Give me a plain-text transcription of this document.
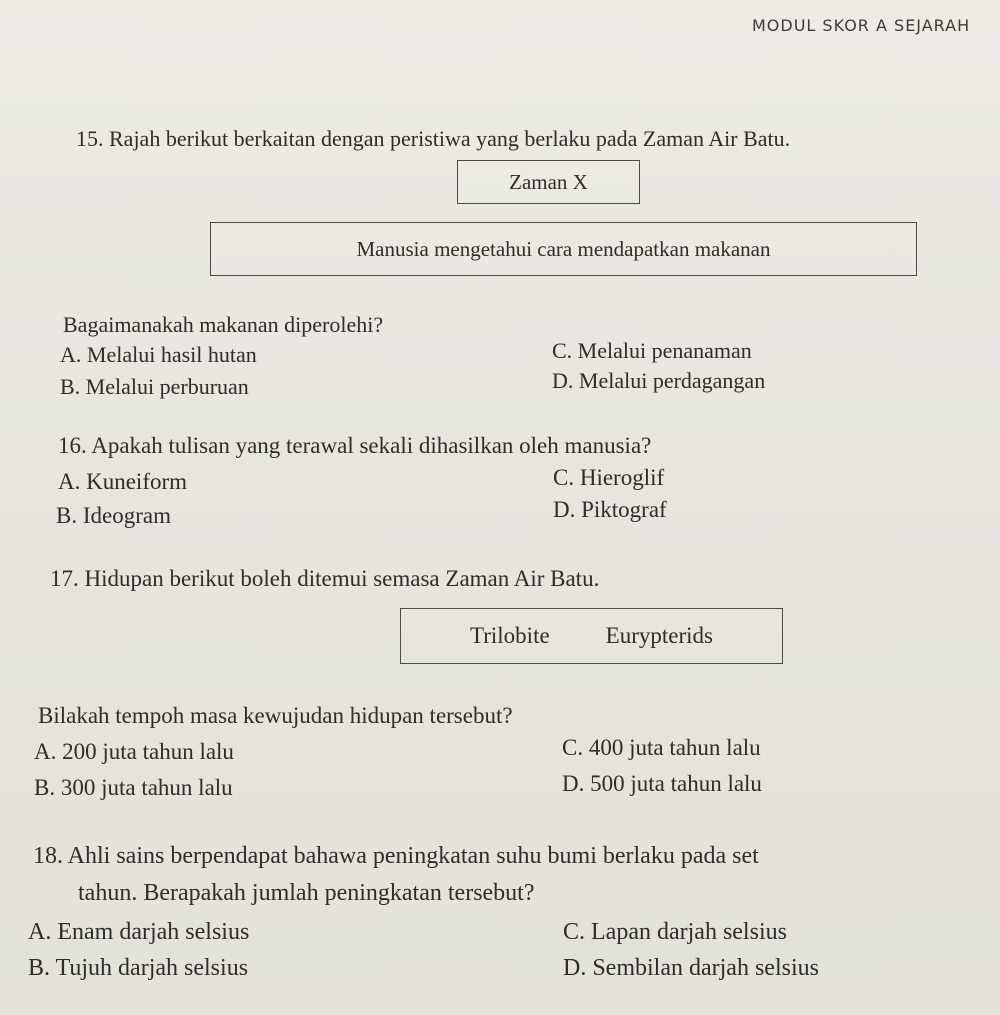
MODUL SKOR A SEJARAH
15. Rajah berikut berkaitan dengan peristiwa yang berlaku pada Zaman Air Batu.
Zaman X
Manusia mengetahui cara mendapatkan makanan
Bagaimanakah makanan diperolehi?
A. Melalui hasil hutan
B. Melalui perburuan
C. Melalui penanaman
D. Melalui perdagangan
16. Apakah tulisan yang terawal sekali dihasilkan oleh manusia?
A. Kuneiform
B. Ideogram
C. Hieroglif
D. Piktograf
17. Hidupan berikut boleh ditemui semasa Zaman Air Batu.
Trilobite Eurypterids
Bilakah tempoh masa kewujudan hidupan tersebut?
A. 200 juta tahun lalu
B. 300 juta tahun lalu
C. 400 juta tahun lalu
D. 500 juta tahun lalu
18. Ahli sains berpendapat bahawa peningkatan suhu bumi berlaku pada set
tahun. Berapakah jumlah peningkatan tersebut?
A. Enam darjah selsius
B. Tujuh darjah selsius
C. Lapan darjah selsius
D. Sembilan darjah selsius
